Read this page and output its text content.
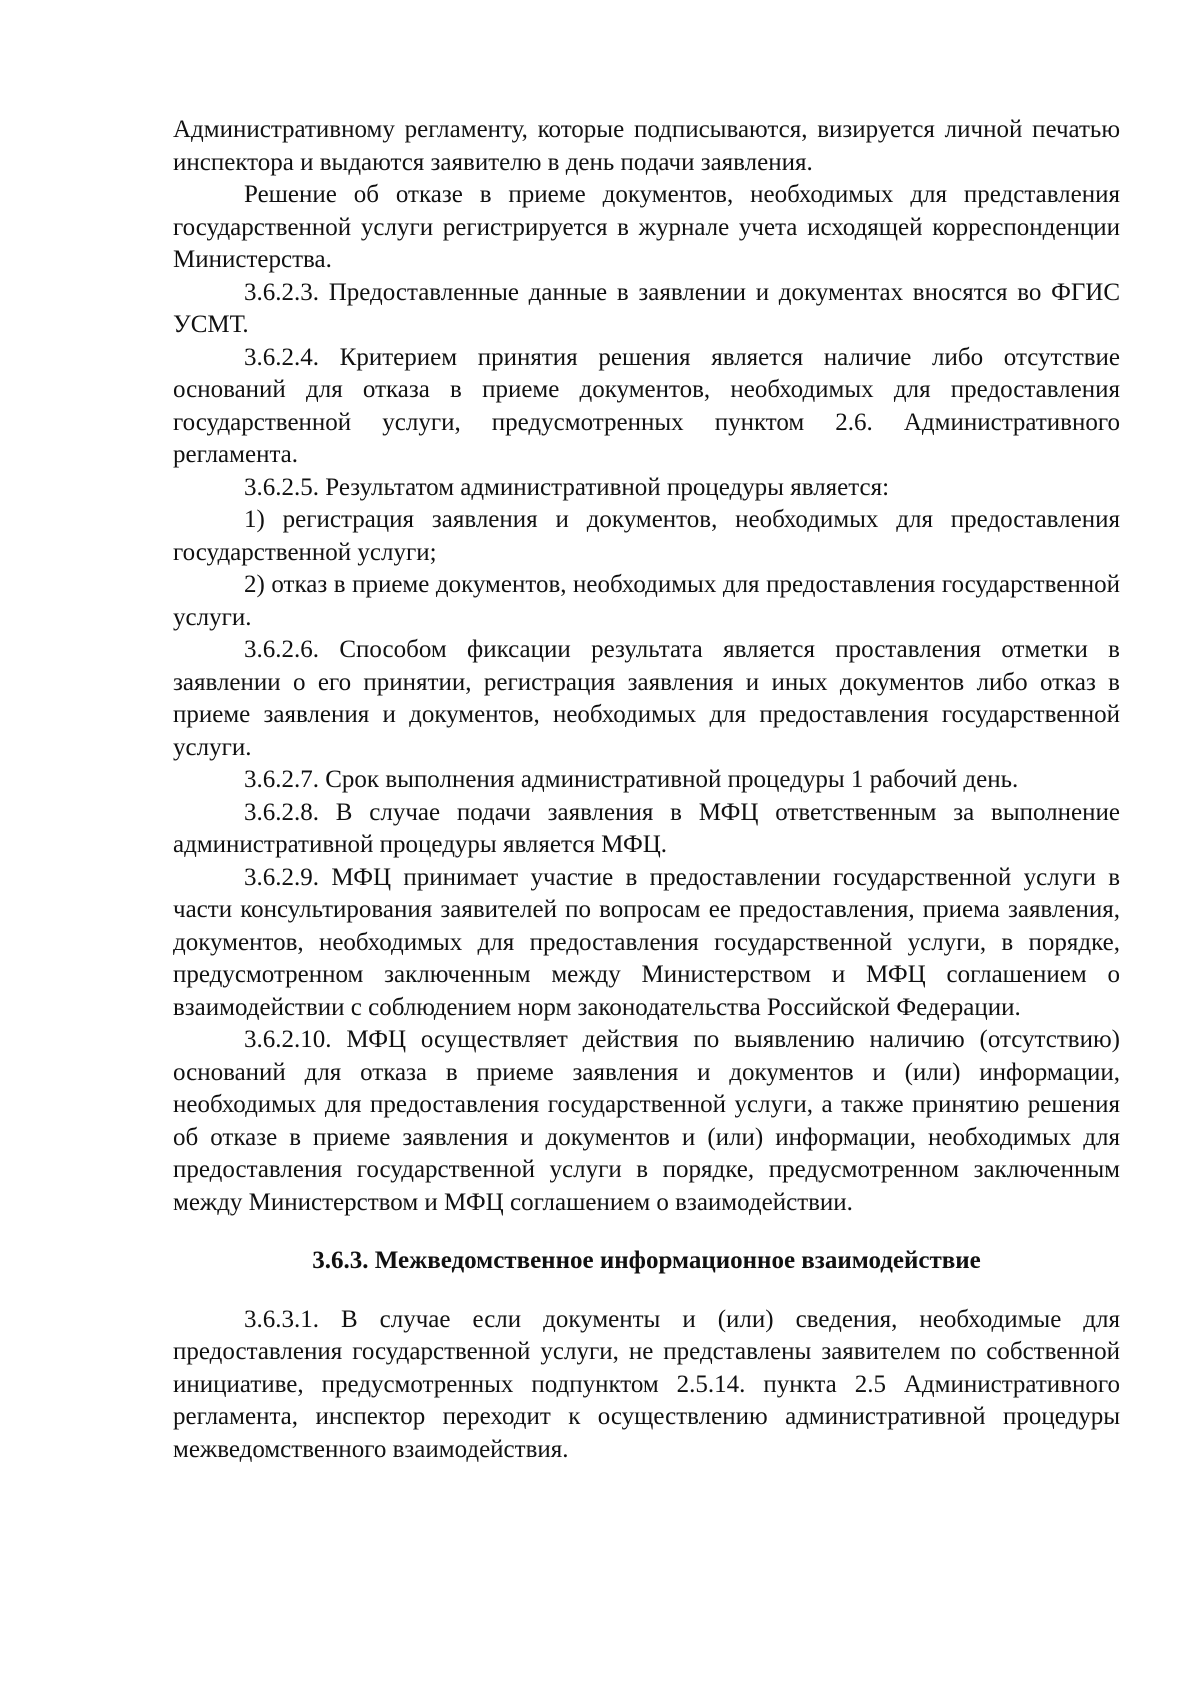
Административному регламенту, которые подписываются, визируется личной печатью инспектора и выдаются заявителю в день подачи заявления.

Решение об отказе в приеме документов, необходимых для представления государственной услуги регистрируется в журнале учета исходящей корреспонденции Министерства.

3.6.2.3. Предоставленные данные в заявлении и документах вносятся во ФГИС УСМТ.

3.6.2.4. Критерием принятия решения является наличие либо отсутствие оснований для отказа в приеме документов, необходимых для предоставления государственной услуги, предусмотренных пунктом 2.6. Административного регламента.

3.6.2.5. Результатом административной процедуры является:

1) регистрация заявления и документов, необходимых для предоставления государственной услуги;

2) отказ в приеме документов, необходимых для предоставления государственной услуги.

3.6.2.6. Способом фиксации результата является проставления отметки в заявлении о его принятии, регистрация заявления и иных документов либо отказ в приеме заявления и документов, необходимых для предоставления государственной услуги.

3.6.2.7. Срок выполнения административной процедуры 1 рабочий день.

3.6.2.8. В случае подачи заявления в МФЦ ответственным за выполнение административной процедуры является МФЦ.

3.6.2.9. МФЦ принимает участие в предоставлении государственной услуги в части консультирования заявителей по вопросам ее предоставления, приема заявления, документов, необходимых для предоставления государственной услуги, в порядке, предусмотренном заключенным между Министерством и МФЦ соглашением о взаимодействии с соблюдением норм законодательства Российской Федерации.

3.6.2.10. МФЦ осуществляет действия по выявлению наличию (отсутствию) оснований для отказа в приеме заявления и документов и (или) информации, необходимых для предоставления государственной услуги, а также принятию решения об отказе в приеме заявления и документов и (или) информации, необходимых для предоставления государственной услуги в порядке, предусмотренном заключенным между Министерством и МФЦ соглашением о взаимодействии.

3.6.3. Межведомственное информационное взаимодействие

3.6.3.1. В случае если документы и (или) сведения, необходимые для предоставления государственной услуги, не представлены заявителем по собственной инициативе, предусмотренных подпунктом 2.5.14. пункта 2.5 Административного регламента, инспектор переходит к осуществлению административной процедуры межведомственного взаимодействия.
